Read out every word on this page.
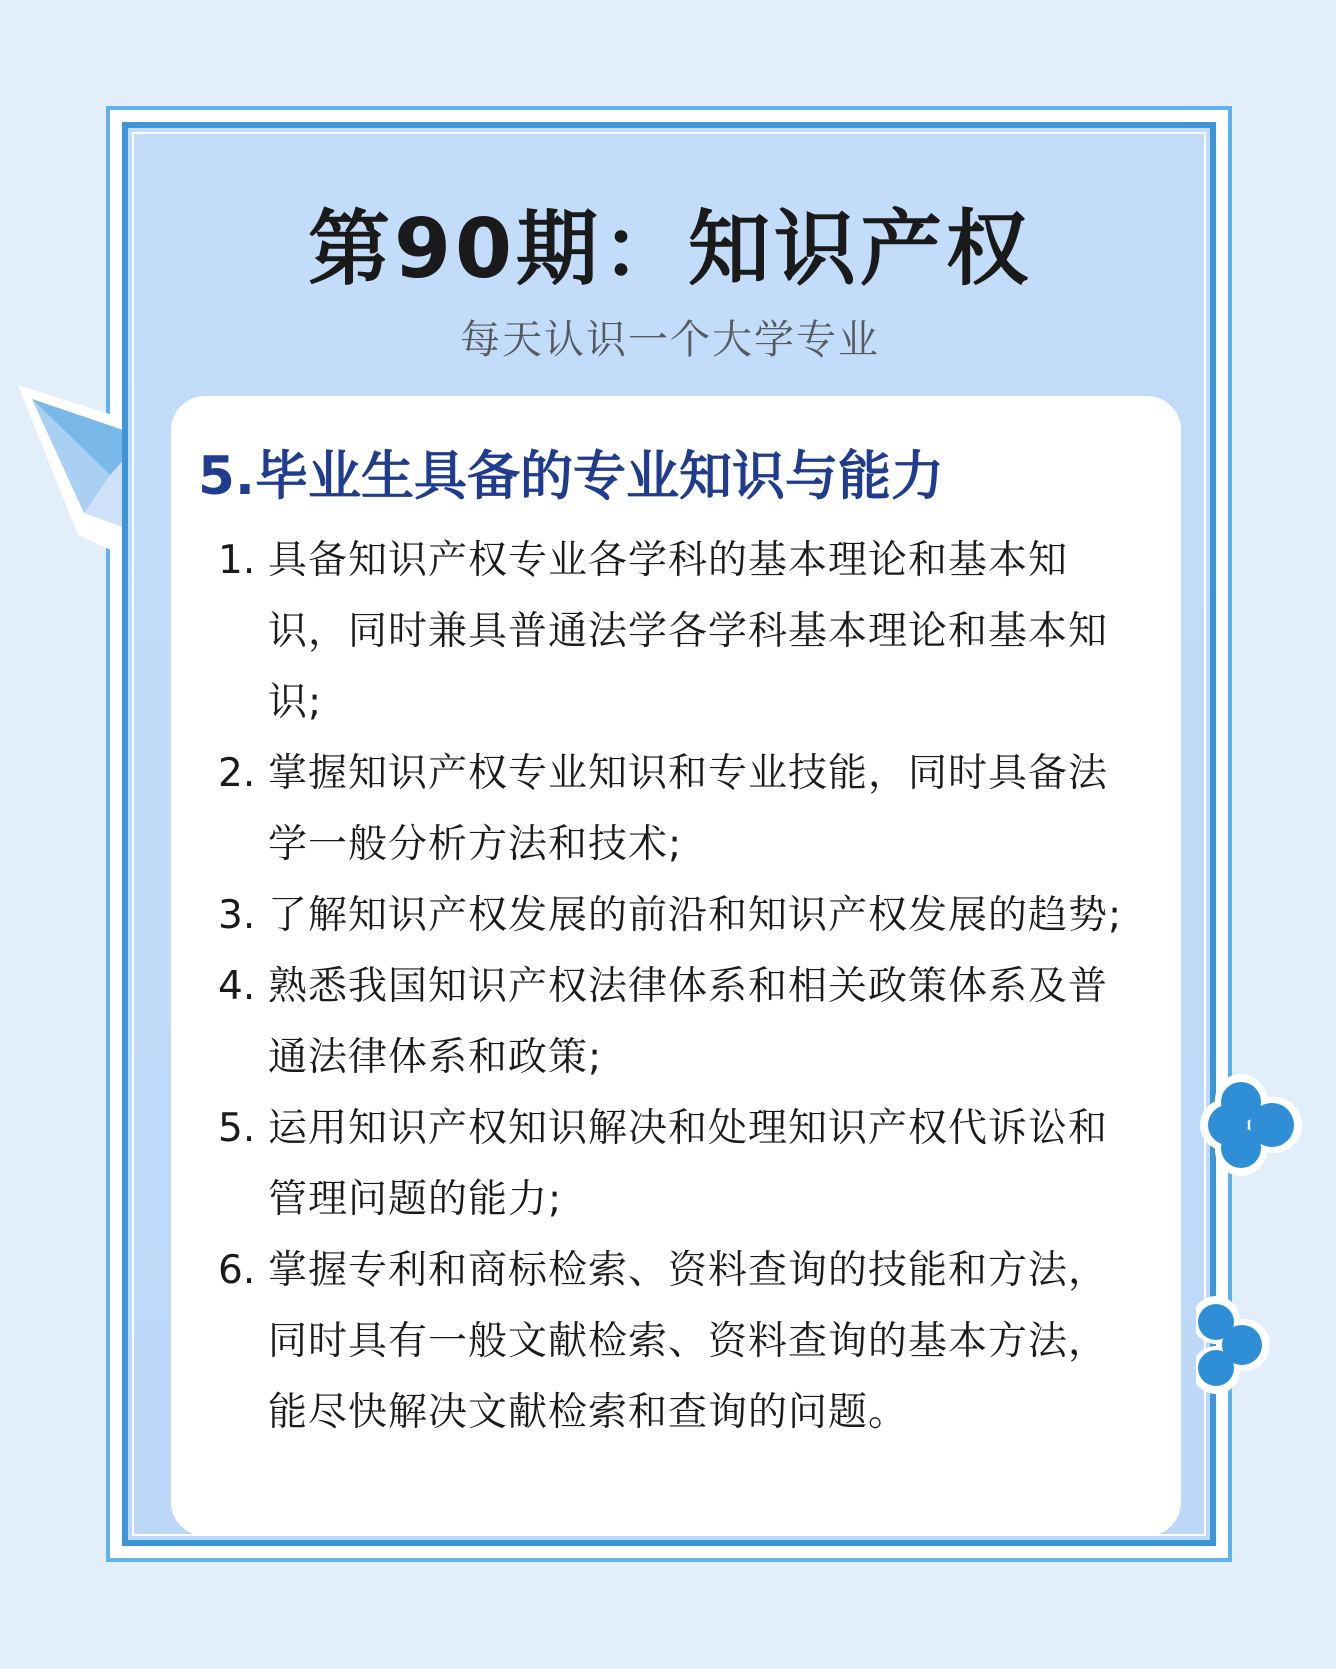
第90期：知识产权
每天认识一个大学专业
5.毕业生具备的专业知识与能力
1. 具备知识产权专业各学科的基本理论和基本知识，同时兼具普通法学各学科基本理论和基本知识;
2. 掌握知识产权专业知识和专业技能，同时具备法学一般分析方法和技术;
3. 了解知识产权发展的前沿和知识产权发展的趋势;
4. 熟悉我国知识产权法律体系和相关政策体系及普通法律体系和政策;
5. 运用知识产权知识解决和处理知识产权代诉讼和管理问题的能力;
6. 掌握专利和商标检索、资料查询的技能和方法，同时具有一般文献检索、资料查询的基本方法，能尽快解决文献检索和查询的问题。
